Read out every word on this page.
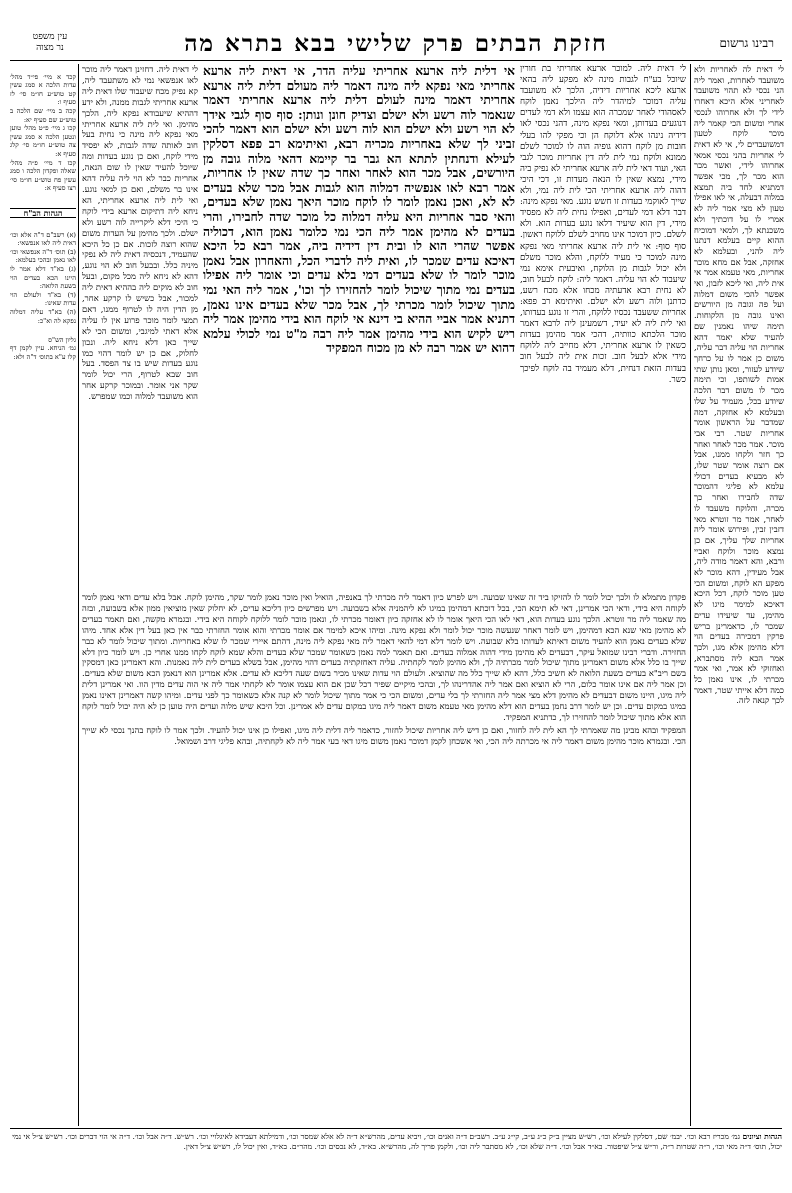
רבינו גרשום
חזקת הבתים פרק שלישי בבא בתרא מה
עין משפט
נר מצוה

לי דאית לה לאחריות ולא משועבד לאחרות, ואמר ליה הני נכסי לא תהוי משועבד לאחריני אלא היכא דאחרו לידי לך ולא אחרוהו לנכסי אחרי ומשום הכי קאמר ליה מוכר לוקח לטעון דמשועבדים לי, אי לא דאית לי אחריות בהני נכסי אמאי אחרוהו לידי, ואשר מכר הוא מכר לך, מכי אפשר דמתניא לחד ביה תמצא במלוה דבעלה, אי לאו אפילו טעון לא מצי אמר ליה לא אמרי לו על דוכתיך ולא משכנתא לך, ולמאי דמוכיח ההוא קיים בעלמא דנתנו ליה להני, ובעלמא לא אחזקה, אבל אם מחא מוכר אחריות, מאי טעמא אמר אי אית ליה, ואי ליכא לזבון, ואי אפשר להכי משום דמלוה ועל פה וגובה מן היורשים ואינו גובה מן הלקוחות. תימה שיהו נאמנין שם להעיד שלא יאמר דהא אחריות הוי עליה דבר עליה, משום כן אמר לו על כרחך שיודע לעזור, ומאן נותן שתי אמות לשותפו, וכי תימה מכר לו משום דבר הלכה שיודע בכל, מעמיד על שלו ובעלמא לא אחזקה, דמה שמדבר על הראשון אומר אחריות שטר. רבי אבי מוכר. אמר מכר לאחר ואחר כך חזר ולקחו ממנו, אבל אם רוצה אומר שטר שלו, לא מבעיא בעדים דכולי עלמא לא פליגי דהמוכר שדה לחבירו ואחר כך מכרה, והלוקח משעבד לו לאחר, אמר מר זוטרא מאי דזבין זבין, ופירוש אומר ליה אחריות שלך עליך, אם כן נמצא מוכר ולוקח ואביי ורבא, והא דאמר מודה ליה, אבל מעידין, דהא מוכר לא מפקע הא לוקח, ומשום הכי טען מוכר לוקח, דכל היכא דאיכא למימר מיגו לא מהימן, עד שיעידו עדים שמכר לו, כדאמרינן בריש פרקין דמכירה בעדים הוי דלא מהימן אלא מגו, ולכך אמר הכא ליה מסתברא, ואחזוקי לא אמר, ואי אמר מכרתי לו, אינו נאמן כל כמה דלא אייתי שטר, דאמר לכך קנאה לזה.

לי דאית ליה. למוכר ארעא אחריתי בת חורין שיוכל בע"ח לגבות מינה לא מפקע ליה בהאי ארעא ליכא אחריות דידיה, הלכך לא משועבד עליה דמוכר למיהדר ליה הילכך נאמן לוקח לאסהודי לאחר שמכרה הוא עצמו ולא דמי לעדים דנוגעים בעדותן, ומאי נפקא מינה, דהני נכסי לאו דידיה נינהו אלא דלוקח הן וכי מפקי להו בעלי חובות מן לוקח דהוא גופיה הוה לו למוכר לשלם ממונא ולוקח נמי לית ליה דין אחריות מוכר לגבי האי, ועוד דאי לית ליה ארעא אחריתי לא נפיק ביה מידי, נמצא שאין לו הנאה מעדות זו, דכי היכי דהוה ליה ארעא אחריתי הכי לית ליה נמי, ולא שייך לאוקמי בעדות זו חשש נוגע. מאי נפקא מינה: דבר דלא דמי לעדים, ואפילו נחית ליה לא מפסיד מידי, דין הוא שיעיד דלאו נוגע בעדות הוא. ולא לשלם. כיון דמוכר אינו מחויב לשלם ללוקח ראשון. סוף סוף: אי לית ליה ארעא אחריתי מאי נפקא מינה למוכר כי מעיד ללוקח, והלא מוכר משלם ולא יכול לגבות מן הלוקח, ואיבעית אימא נמי שיעבוד לא הוי עליה. דאמר ליה: לוקח לבעל חוב, לא נחית רבא אדעתיה מכחו אלא מכח רשע, כדתנן ולוה רשע ולא ישלם. ואיתימא רב פפא: אחריות ששעבד נכסיו ללוקח, והרי זו נוגע בעדותו, ואי לית ליה לא יעיד, דשמעינן ליה לרבא דאמר מוכר הלכתא כוותיה, דהכי אמר מהימן בעדות כשאין לו ארעא אחריתי, דלא מחייב ליה ללוקח מידי אלא לבעל חוב. זכות אית ליה לבעל חוב בעדות הזאת דנחית, דלא מעמיד בה לוקח לפיכך כשר.

אי דלית ליה ארעא אחריתי עליה הדר, אי דאית ליה ארעא אחריתי מאי נפקא ליה מינה דאמר ליה מעולם דלית ליה ארעא אחריתי דאמר מינה לעולם דלית ליה ארעא אחריתי דאמר שנאמר לוה רשע ולא ישלם וצדיק חונן ונותן: סוף סוף לגבי אידך לא הוי רשע ולא ישלם הוא לוה רשע ולא ישלם הוא דאמר להכי זביני לך שלא באחריות מכריה רבא, ואיתימא רב פפא דסלקין לעילא ודנחתין לתתא הא גבר בר קיימא דהאי מלוה גובה מן היורשים, אבל מכר הוא לאחר ואחר כך שדה שאין לו אחריות, אמר רבא לאו אנפשיה דמלוה הוא לגבות אבל מכר שלא בעדים לא לא, ואכן נאמן לומר לו לוקח מוכר היאך נאמן שלא בעדים, והאי סבר אחריות היא עליה דמלוה כל מוכר שדה לחבירו, והרי בעדים לא מהימן אמר ליה הכי נמי כלומר נאמן הוא, דכוליה אפשר שהרי הוא לו ובית דין דידיה ביה, אמר רבא כל היכא דאיכא עדים שמכר לו, ואית ליה לדברי הכל, והאחרון אבל נאמן מוכר לומר לו שלא בעדים דמי בלא עדים וכי אומר ליה אפילו בעדים נמי מתוך שיכול לומר להחזירו לך וכו', אמר ליה האי נמי מתוך שיכול לומר מכרתי לך, אבל מכר שלא בעדים אינו נאמן, דתניא אמר אביי ההיא בי דינא אי לוקח הוא בידי מהימן אמר ליה ריש לקיש הוא בידי מהימן אמר ליה רבה מ"ט נמי לכולי עלמא דהוא יש אמר רבה לא מן מכוח המפקיד

לי דאית ליה. דחזינן דאמר ליה מוכר לאו אנפשאי נמי לא משתעבד ליה, קא נפיק מכח שיעבוד שלו דאית ליה ארעא אחריתי לגבות ממנה, ולא ידע דההיא שיעבודא נפקא ליה, הלכך מהימן. ואי לית ליה ארעא אחריתי מאי נפקא ליה מינה כי נחית בעל חוב לאותה שדה לגבות, לא יפסיד מידי לוקח, ואם כן נוגע בעדות ומה שיוכל להעיד שאין לו שום הנאה, אחריות כבר לא הוי ליה עליה דהא אינו בר משלם, ואם כן למאי נוגע. ואי לית ליה ארעא אחריתי, הא ניחא ליה דתיקום ארעא בידי לוקח כי היכי דלא ליקרייה לוה רשע ולא ישלם. ולכך מהימן על העדות משום שהוא רוצה לזכות. אם כן כל היכא שהעמיד, דנכסיה דאית ליה לא נפקי מיניה כלל. ובבעל חוב לא הוי נוגע, דהא לא ניחא ליה מכל מקום, ובעל חוב לא מוקים ליה בההיא דאית ליה למכור, אבל כשיש לו קרקע אחר, מן הדין היה לו לטרוף ממנו, דאם תמצי לומר מוכר פרוע אין לו עליה אלא דאתי למיגבי, ומשום הכי לא שייך כאן דלא ניחא ליה. ונכון לחלוק, אם כן יש לומר דהוי כמו נוגע בעדות שיש בו צד הפסד. בעל חוב שבא לטרוף, הרי יכול לומר שקר אני אומר. ובמוכר קרקע אחר הוא משועבד למלוה וכמו שמפרש.

פקדון מתמלא לו ולכך יכול לומר לו להזיקו ביד זה שאינו שבועה. ויש לפרש כיון דאמר ליה מכרתי לך באנפיה, הואיל ואין מוכר נאמן לומר שקר, מהימן לוקח. אבל בלא עדים ודאי נאמן לומר לקוחה היא בידי, ודאי הכי אמרינן, דאי לא תימא הכי, בכל דוכתא דמהימן במיגו לא ליהמניה אלא בשבועה. ויש מפרשים כיון דליכא עדים, לא יחלוק שאין מוציאין ממון אלא בשבועה, ובזה מה שאמר ליה מר זוטרא. הלכך נוגע בעדות הוא, דאי לאו הכי היאך אומר לו לא אחזקה כיון דאומר מכרתי לו, ונאמן מוכר לומר ללוקח לקוחה היא בידי. ובגמרא מקשה, ואם תאמר בעדים לא מהימן מאי שנא הכא דמהימן, ויש לומר דאחר שנעשה מוכר יכול לומר ולא נפקא מינה. ומיהו איכא למימר אם אומר מכרתי והוא אומר החזרתי כבר אין כאן בעל דין אלא אחד. מיהו שלא בעדים נאמן הוא להעיד משום דאיתא לעדותו בלא שבועה. ויש לומר דלא דמי להאי דאמר ליה מאי נפקא ליה מינה, דהתם איירי שמכר לו שלא באחריות. ומתוך שיכול לומר לא כבר החזירה. ודברי רבינו שמואל עיקר, דבעדים לא מהימן מידי דהוה אמלוה בעדים. ואם תאמר למה נאמן כשאומר שמכר שלא בעדים והלא שמא לוקח לקחו ממנו אחרי כן. ויש לומר כיון דלא שייך בו כלל אלא משום דאמרינן מתוך שיכול לומר מכרתיה לך, ולא מהימן לומר לקחתיה. עליה דאחזקתיה בעדים דהוי מהימן, אבל בשלא בעדים לית ליה נאמנות. והא דאמרינן כאן דמסקין בשם ריב"א בעדים בשעת הלואה לא חשיב כלל, דהא לא שייך כלל מה שהוציא. ולעולם הוי עדות שאינו מכיר בשום שעה דליכא לא עדים. אלא אמרינן הוא דנאמן הכא משום שלא בעדים. וכן אמר ליה אם אינו אומר כלום, הרי לא הוציא ואם אמר ליה אהדרינהו לך, ובהכי מיקיים שפיר דכל שכן אם הוא עצמו אומר לא לקחתי אמר ליה אי הוה עדים מדין הוו. ואי אמרינן דלית ליה מיגו, היינו משום דבעדים לא מהימן דלא מצי אמר ליה החזרתי לך בלי עדים, ומשום הכי כי אמר מתוך שיכול לומר לא קנה אלא כשאומר כך לפני עדים. ומיהו קשה דאמרינן דאינו נאמן במיגו במקום עדים. וכן יש לומר דרב נחמן בעדים הוא דלא מהימן מאי טעמא משום דאמר ליה מיגו במקום עדים לא אמרינן. וכל היכא שיש מלוה ועדים היה טוען כן לא היה יכול לומר לוקח הוא אלא מתוך שיכול לומר להחזירו לך, כדתניא המפקיד.

המפקיד ובהא מבינן מה שאמרתי לך הא לית ליה לחזור, ואם כן דיש ליה אחריות שיכול לחזור, כדאמר ליה דלית ליה מיגו, ואפילו כן אינו יכול להעיד. ולכך אמר לו לוקח בהנך נכסי לא שייך הכי. ובגמרא מוכר מהימן משום דאמר ליה אי מכרתה ליה הכי, ואי אשכחן לקמן דמוכר נאמן משום מיגו דאי בעי אמר ליה לא לקחתיה, ובהא פליגי דרב ושמואל.

קכד א מיי׳ פי״ד מהל׳ עדות הלכה א סמג עשין קט טוש״ע חו״מ סי׳ לז סעיף ו:
קכה ב מיי׳ שם הלכה ב טוש״ע שם סעיף יא:
קכו ג מיי׳ פ״ט מהל׳ טוען ונטען הלכה א סמג עשין צה טוש״ע חו״מ סי׳ קלג סעיף א:
קכז ד מיי׳ פ״ה מהל׳ שאלה ופקדון הלכה ו סמג עשין פח טוש״ע חו״מ סי׳ רצו סעיף א:

הגהות הב"ח

(א) רשב"ם ד"ה אלא וכו׳ דאית ליה לאו אנפשאי:
(ב) תוס׳ ד"ה אנפשאי וכו׳ לאו נאמן ובהכי בעלמא:
(ג) בא"ד דלא אמר לו היינו הכא בעדים הוי בשעת הלואה:
(ד) בא"ד ולעולם הוי עדות שאינו:
(ה) בא"ד עליה דמלוה נפקא לה וא"כ:

גליון הש"ס
גמ׳ הניחא. עיין לקמן דף קלו ע"א בתוס׳ ד"ה ולא:

הגהות וציונים גמ׳ מכריז רבא וכו׳. יבמ׳ שם, דסלקין לעילא וכו׳, רש״ש מציין ב״ק כ״ג ע״ב, קי״ג ע״ב. רשב״ם ד״ה ואנים וכו׳, ויביא עדים, מהרש״א ד״ה לא אלא שמסר וכו׳, ודמילתא דעבידא לאיגלויי וכו׳. רש״ש. ד״ה אבל וכו׳. ד״ה אי הוי דברים וכו׳. רש״ש צ״ל אי נמי יכול, תוס׳ ד״ה מאי וכו׳, ר״ה שטרות ר״ה, ור״ש צ״ל שיפטור. בא״ד אבל וכו׳. ד״ה שלא וכו׳, לא מסתבר ליה וכו׳, ולקמן פריך לה, מהרש״א. בא״ד, לא נכסים וכו׳. מהר״ם. בא״ד, ואין יכול לו, רש״ש צ״ל דאין.
